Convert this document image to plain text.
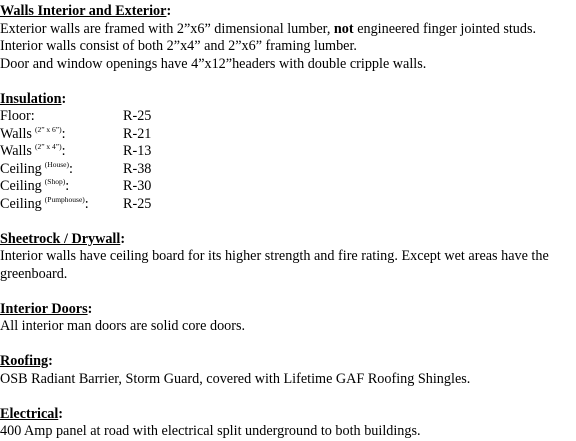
Walls Interior and Exterior:
Exterior walls are framed with 2”x6” dimensional lumber, not engineered finger jointed studs.
Interior walls consist of both 2”x4” and 2”x6” framing lumber.
Door and window openings have 4”x12”headers with double cripple walls.
Insulation:
Floor:	R-25
Walls $^{(2” x 6”)}$:	R-21
Walls $^{(2” x 4”)}$:	R-13
Ceiling $^{(House)}$:	R-38
Ceiling $^{(Shop)}$:	R-30
Ceiling $^{(Pumphouse)}$: R-25
Sheetrock / Drywall:
Interior walls have ceiling board for its higher strength and fire rating. Except wet areas have the greenboard.
Interior Doors:
All interior man doors are solid core doors.
Roofing:
OSB Radiant Barrier, Storm Guard, covered with Lifetime GAF Roofing Shingles.
Electrical:
400 Amp panel at road with electrical split underground to both buildings.
